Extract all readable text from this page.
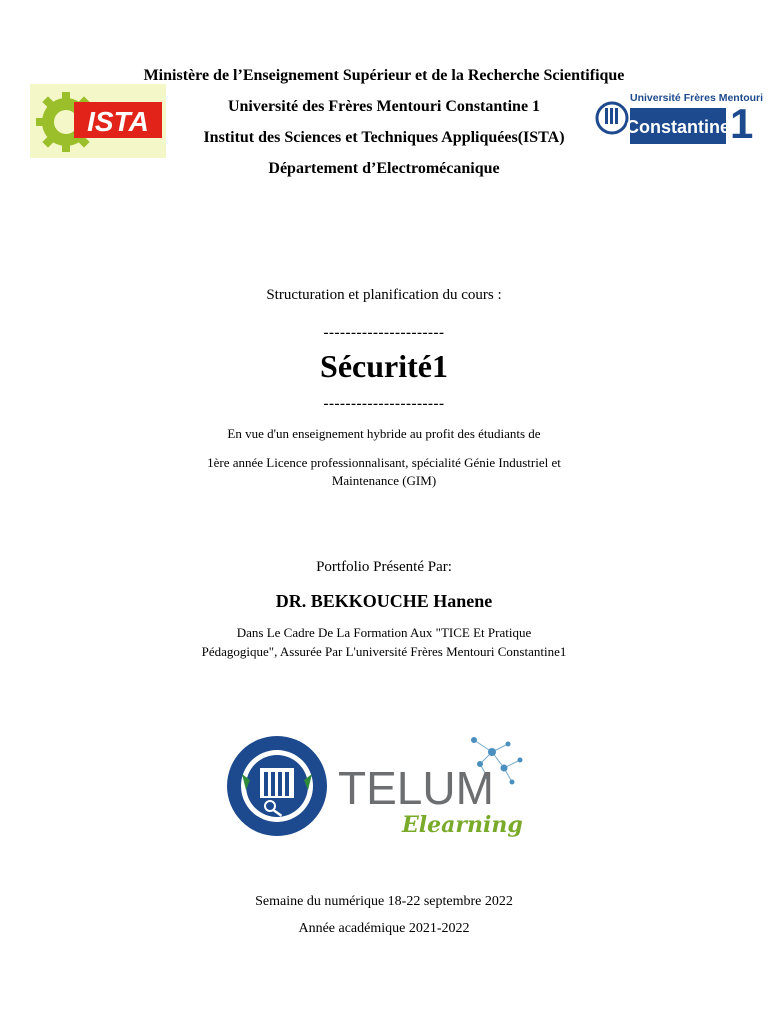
Ministère de l’Enseignement Supérieur et de la Recherche Scientifique
Université des Frères Mentouri Constantine 1
Institut des Sciences et Techniques Appliquées(ISTA)
Département d’Electromécanique
ISTA
Université Frères Mentouri
Constantine 1
Structuration et planification du cours :
----------------------
Sécurité1
----------------------
En vue d'un enseignement hybride au profit des étudiants de
1ère année Licence professionnalisant, spécialité Génie Industriel et
Maintenance (GIM)
Portfolio Présenté Par:
DR. BEKKOUCHE Hanene
Dans Le Cadre De La Formation Aux "TICE Et Pratique
Pédagogique", Assurée Par L'université Frères Mentouri Constantine1
TELUM
Elearning
Semaine du numérique 18-22 septembre 2022
Année académique 2021-2022
